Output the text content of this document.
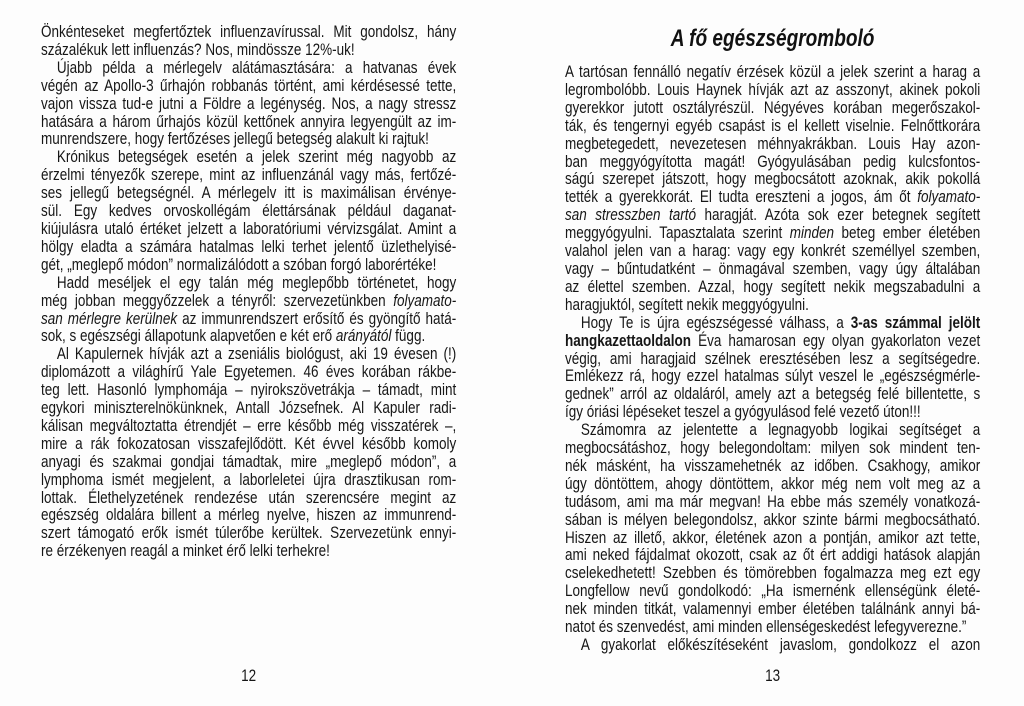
Önkénteseket megfertőztek influenzavírussal. Mit gondolsz, hány
százalékuk lett influenzás? Nos, mindössze 12%-uk!
Újabb példa a mérlegelv alátámasztására: a hatvanas évek
végén az Apollo-3 űrhajón robbanás történt, ami kérdésessé tette,
vajon vissza tud-e jutni a Földre a legénység. Nos, a nagy stressz
hatására a három űrhajós közül kettőnek annyira legyengült az im-
munrendszere, hogy fertőzéses jellegű betegség alakult ki rajtuk!
Krónikus betegségek esetén a jelek szerint még nagyobb az
érzelmi tényezők szerepe, mint az influenzánál vagy más, fertőzé-
ses jellegű betegségnél. A mérlegelv itt is maximálisan érvénye-
sül. Egy kedves orvoskollégám élettársának például daganat-
kiújulásra utaló értéket jelzett a laboratóriumi vérvizsgálat. Amint a
hölgy eladta a számára hatalmas lelki terhet jelentő üzlethelyisé-
gét, „meglepő módon” normalizálódott a szóban forgó laborértéke!
Hadd meséljek el egy talán még meglepőbb történetet, hogy
még jobban meggyőzzelek a tényről: szervezetünkben folyamato-
san mérlegre kerülnek az immunrendszert erősítő és gyöngítő hatá-
sok, s egészségi állapotunk alapvetően e két erő arányától függ.
Al Kapulernek hívják azt a zseniális biológust, aki 19 évesen (!)
diplomázott a világhírű Yale Egyetemen. 46 éves korában rákbe-
teg lett. Hasonló lymphomája – nyirokszövetrákja – támadt, mint
egykori miniszterelnökünknek, Antall Józsefnek. Al Kapuler radi-
kálisan megváltoztatta étrendjét – erre később még visszatérek –,
mire a rák fokozatosan visszafejlődött. Két évvel később komoly
anyagi és szakmai gondjai támadtak, mire „meglepő módon”, a
lymphoma ismét megjelent, a laborleletei újra drasztikusan rom-
lottak. Élethelyzetének rendezése után szerencsére megint az
egészség oldalára billent a mérleg nyelve, hiszen az immunrend-
szert támogató erők ismét túlerőbe kerültek. Szervezetünk ennyi-
re érzékenyen reagál a minket érő lelki terhekre!
12
A fő egészségromboló
A tartósan fennálló negatív érzések közül a jelek szerint a harag a
legrombolóbb. Louis Haynek hívják azt az asszonyt, akinek pokoli
gyerekkor jutott osztályrészül. Négyéves korában megerőszakol-
ták, és tengernyi egyéb csapást is el kellett viselnie. Felnőttkorára
megbetegedett, nevezetesen méhnyakrákban. Louis Hay azon-
ban meggyógyította magát! Gyógyulásában pedig kulcsfontos-
ságú szerepet játszott, hogy megbocsátott azoknak, akik pokollá
tették a gyerekkorát. El tudta ereszteni a jogos, ám őt folyamato-
san stresszben tartó haragját. Azóta sok ezer betegnek segített
meggyógyulni. Tapasztalata szerint minden beteg ember életében
valahol jelen van a harag: vagy egy konkrét személlyel szemben,
vagy – bűntudatként – önmagával szemben, vagy úgy általában
az élettel szemben. Azzal, hogy segített nekik megszabadulni a
haragjuktól, segített nekik meggyógyulni.
Hogy Te is újra egészségessé válhass, a 3-as számmal jelölt
hangkazettaoldalon Éva hamarosan egy olyan gyakorlaton vezet
végig, ami haragjaid szélnek eresztésében lesz a segítségedre.
Emlékezz rá, hogy ezzel hatalmas súlyt veszel le „egészségmérle-
gednek” arról az oldaláról, amely azt a betegség felé billentette, s
így óriási lépéseket teszel a gyógyulásod felé vezető úton!!!
Számomra az jelentette a legnagyobb logikai segítséget a
megbocsátáshoz, hogy belegondoltam: milyen sok mindent ten-
nék másként, ha visszamehetnék az időben. Csakhogy, amikor
úgy döntöttem, ahogy döntöttem, akkor még nem volt meg az a
tudásom, ami ma már megvan! Ha ebbe más személy vonatkozá-
sában is mélyen belegondolsz, akkor szinte bármi megbocsátható.
Hiszen az illető, akkor, életének azon a pontján, amikor azt tette,
ami neked fájdalmat okozott, csak az őt ért addigi hatások alapján
cselekedhetett! Szebben és tömörebben fogalmazza meg ezt egy
Longfellow nevű gondolkodó: „Ha ismernénk ellenségünk életé-
nek minden titkát, valamennyi ember életében találnánk annyi bá-
natot és szenvedést, ami minden ellenségeskedést lefegyverezne.”
A gyakorlat előkészítéseként javaslom, gondolkozz el azon
13
